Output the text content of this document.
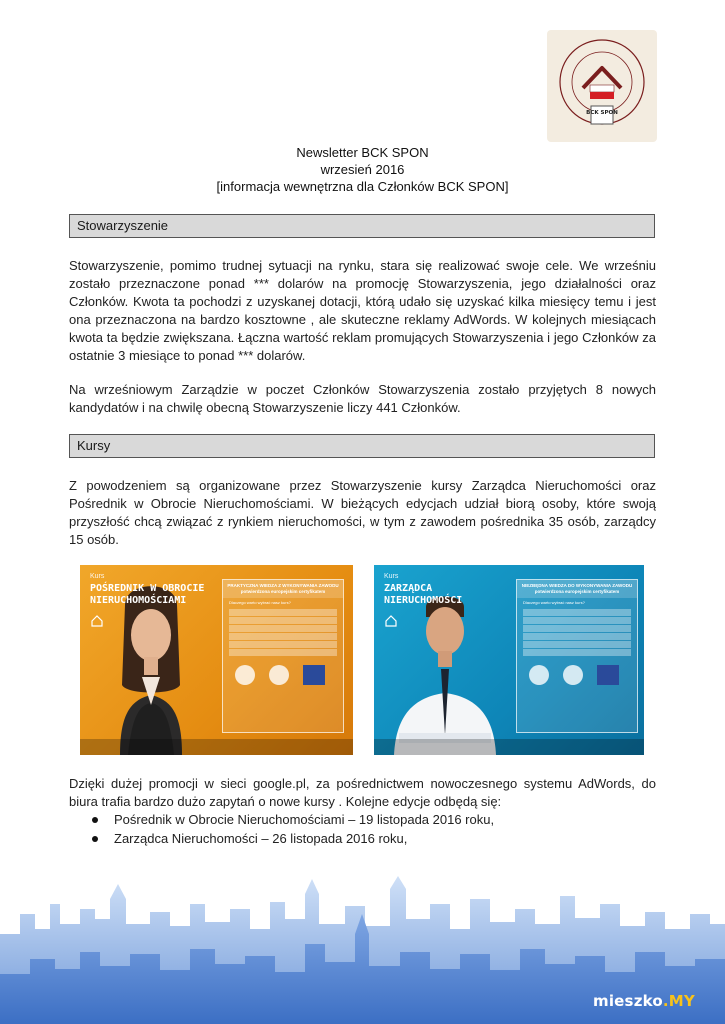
BCK SPON
Newsletter BCK SPON
wrzesień 2016
[informacja wewnętrzna dla Członków BCK SPON]
Stowarzyszenie
Stowarzyszenie, pomimo trudnej sytuacji na rynku, stara się realizować swoje cele. We wrześniu
zostało przeznaczone ponad *** dolarów na promocję Stowarzyszenia, jego działalności oraz
Członków. Kwota ta pochodzi z uzyskanej dotacji, którą udało się uzyskać kilka miesięcy temu i jest
ona przeznaczona na bardzo kosztowne , ale skuteczne reklamy AdWords. W kolejnych miesiącach
kwota ta będzie zwiększana. Łączna wartość reklam promujących Stowarzyszenia i jego Członków za
ostatnie 3 miesiące to ponad *** dolarów.
Na wrześniowym Zarządzie w poczet Członków Stowarzyszenia zostało przyjętych 8 nowych
kandydatów i na chwilę obecną Stowarzyszenie liczy 441 Członków.
Kursy
Z powodzeniem są organizowane przez Stowarzyszenie kursy Zarządca Nieruchomości oraz
Pośrednik w Obrocie Nieruchomościami. W bieżących edycjach udział biorą osoby, które swoją
przyszłość chcą związać z rynkiem nieruchomości, w tym z zawodem pośrednika 35 osób, zarządcy
15 osób.
Kurs
POŚREDNIK W OBROCIE
NIERUCHOMOŚCIAMI
PRAKTYCZNA WIEDZA Z WYKONYWANIA ZAWODU potwierdzona europejskim certyfikatem
Dlaczego warto wybrać nasz kurs?
Kurs
ZARZĄDCA
NIERUCHOMOŚCI
NIEZBĘDNA WIEDZA DO WYKONYWANIA ZAWODU potwierdzona europejskim certyfikatem
Dlaczego warto wybrać nasz kurs?
Dzięki dużej promocji w sieci google.pl, za pośrednictwem nowoczesnego systemu AdWords, do
biura trafia bardzo dużo zapytań o nowe kursy . Kolejne edycje odbędą się:
Pośrednik w Obrocie Nieruchomościami – 19 listopada 2016 roku,
Zarządca Nieruchomości – 26 listopada 2016 roku,
mieszko.MY
